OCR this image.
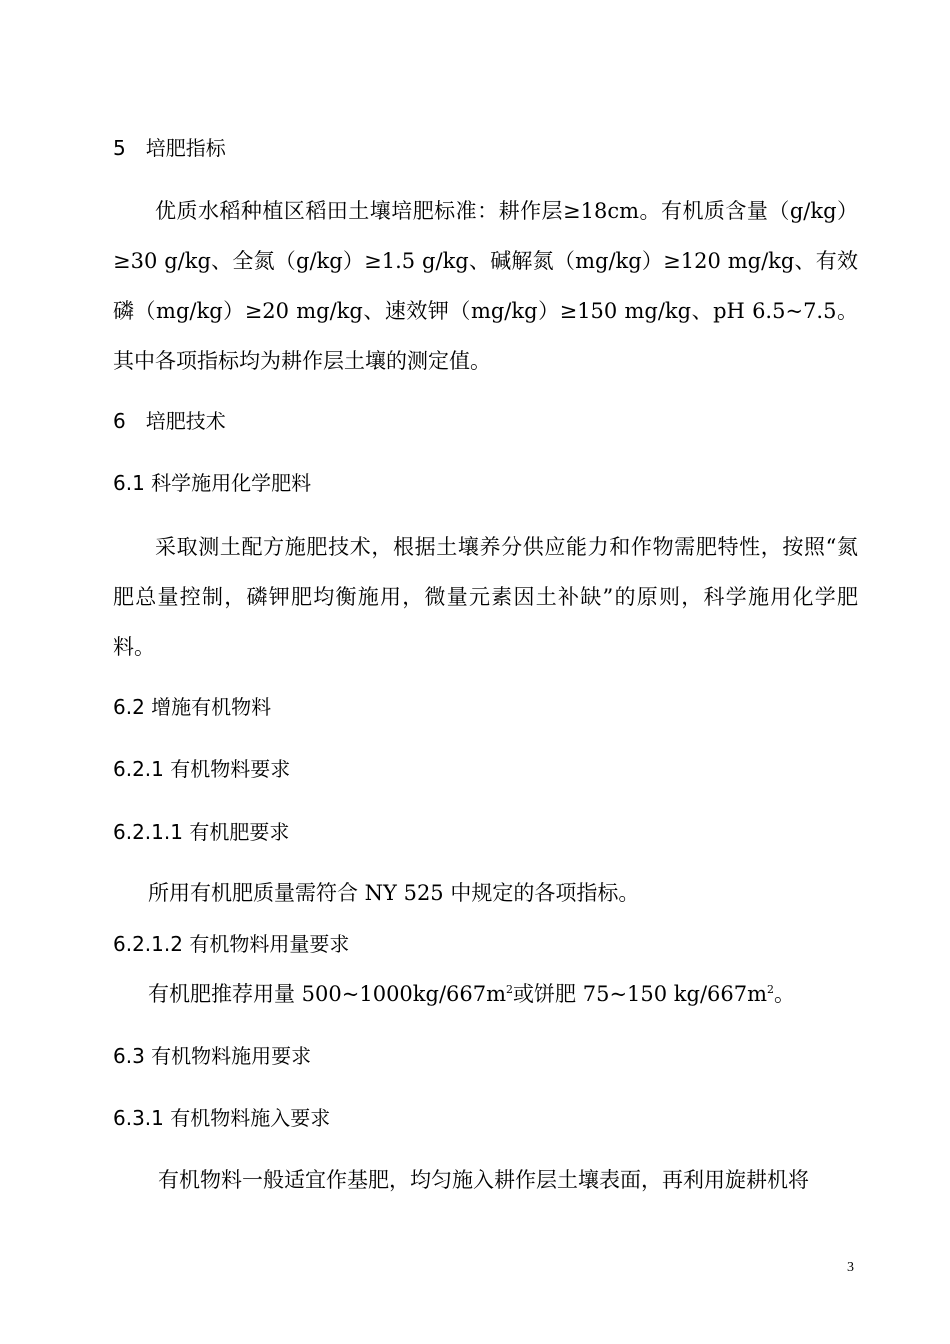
5　培肥指标
优质水稻种植区稻田土壤培肥标准：耕作层≥18cm。有机质含量（g/kg）≥30 g/kg、全氮（g/kg）≥1.5 g/kg、碱解氮（mg/kg）≥120 mg/kg、有效磷（mg/kg）≥20 mg/kg、速效钾（mg/kg）≥150 mg/kg、pH 6.5~7.5。其中各项指标均为耕作层土壤的测定值。
6　培肥技术
6.1 科学施用化学肥料
采取测土配方施肥技术，根据土壤养分供应能力和作物需肥特性，按照“氮肥总量控制，磷钾肥均衡施用，微量元素因土补缺”的原则，科学施用化学肥料。
6.2 增施有机物料
6.2.1 有机物料要求
6.2.1.1 有机肥要求
所用有机肥质量需符合 NY 525 中规定的各项指标。
6.2.1.2 有机物料用量要求
有机肥推荐用量 $500\sim 1000kg/667m^2$或饼肥 75~150 $kg/667m^2$。
6.3 有机物料施用要求
6.3.1 有机物料施入要求
有机物料一般适宜作基肥，均匀施入耕作层土壤表面，再利用旋耕机将
3
